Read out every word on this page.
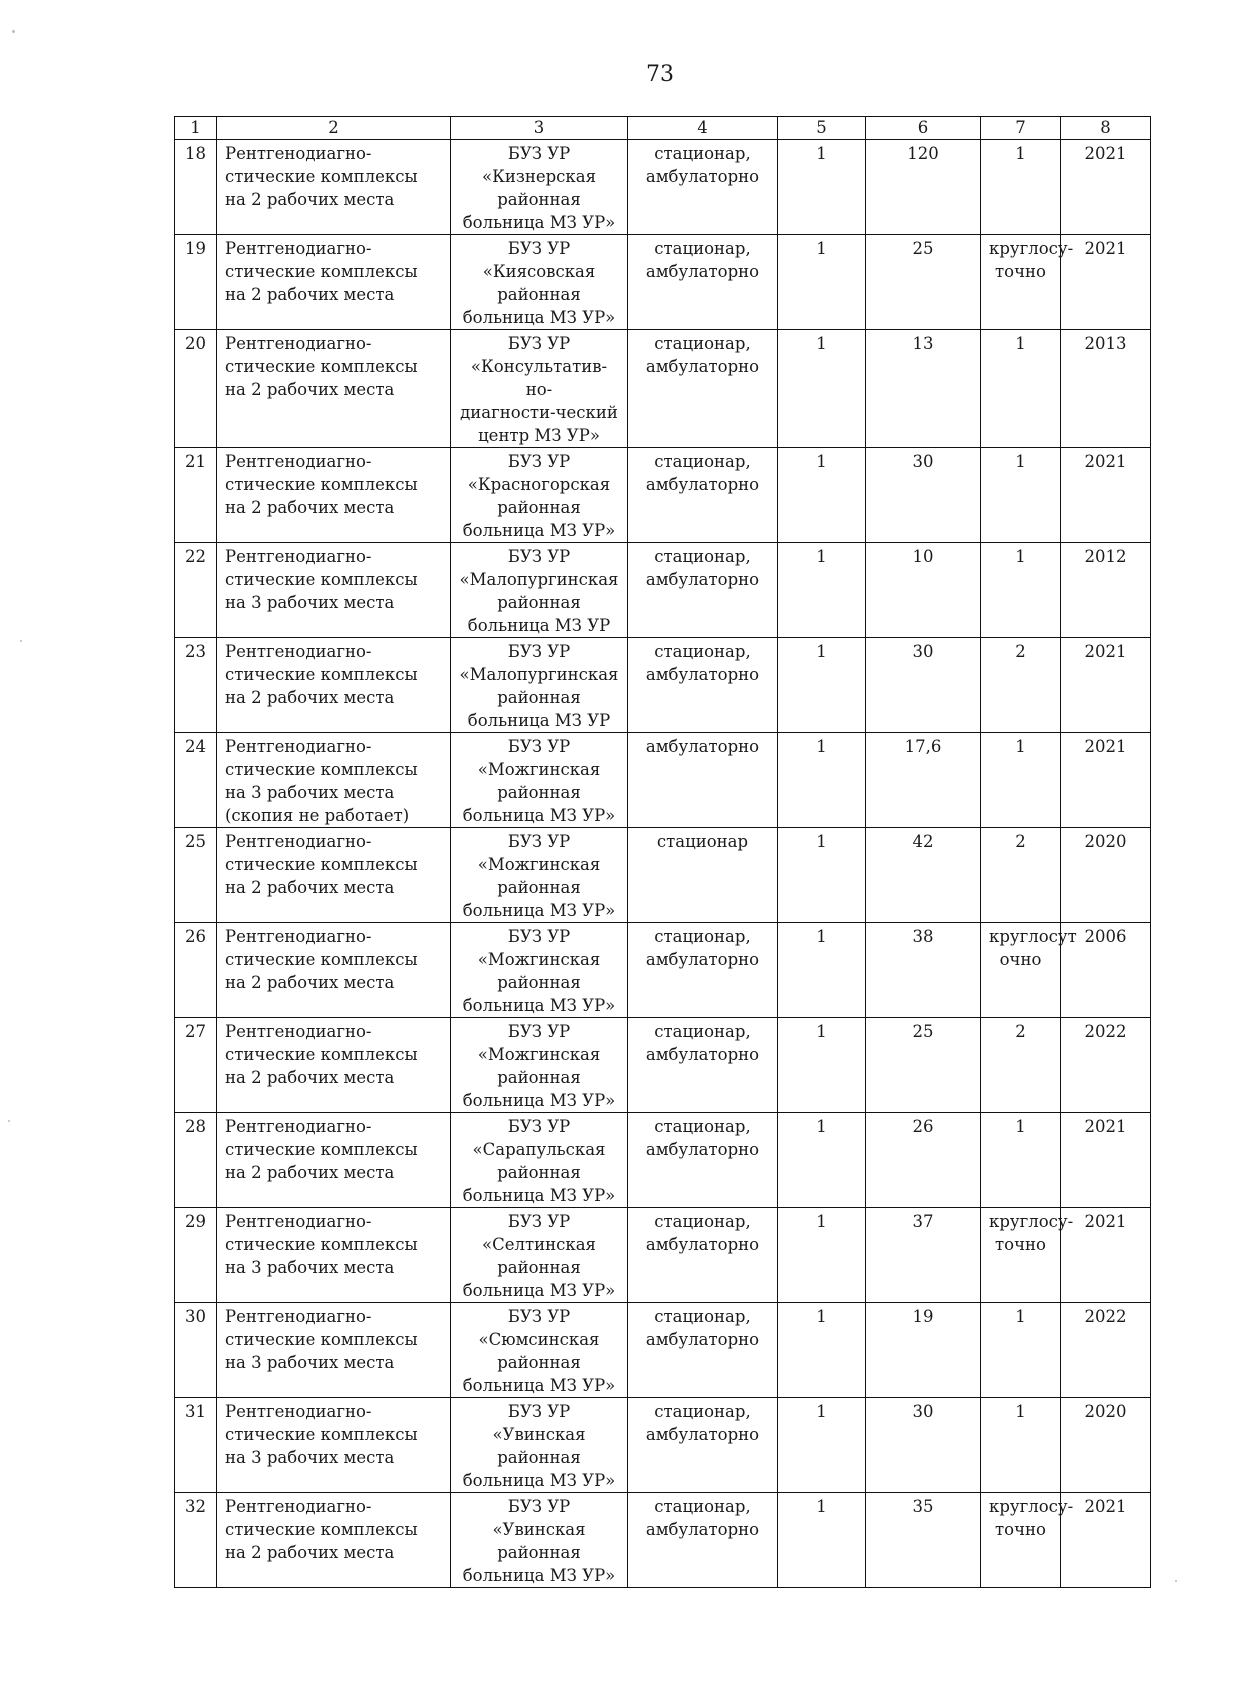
73
1	2	3	4	5	6	7	8
18	Рентгенодиагно-
стические комплексы
на 2 рабочих места	БУЗ УР
«Кизнерская
районная
больница МЗ УР»	стационар,
амбулаторно	1	120	1	2021
19	Рентгенодиагно-
стические комплексы
на 2 рабочих места	БУЗ УР
«Киясовская
районная
больница МЗ УР»	стационар,
амбулаторно	1	25	круглосу-
точно	2021
20	Рентгенодиагно-
стические комплексы
на 2 рабочих места	БУЗ УР
«Консультатив-но-
диагности-ческий
центр МЗ УР»	стационар,
амбулаторно	1	13	1	2013
21	Рентгенодиагно-
стические комплексы
на 2 рабочих места	БУЗ УР
«Красногорская
районная
больница МЗ УР»	стационар,
амбулаторно	1	30	1	2021
22	Рентгенодиагно-
стические комплексы
на 3 рабочих места	БУЗ УР
«Малопургинская
районная
больница МЗ УР	стационар,
амбулаторно	1	10	1	2012
23	Рентгенодиагно-
стические комплексы
на 2 рабочих места	БУЗ УР
«Малопургинская
районная
больница МЗ УР	стационар,
амбулаторно	1	30	2	2021
24	Рентгенодиагно-
стические комплексы
на 3 рабочих места
(скопия не работает)	БУЗ УР
«Можгинская
районная
больница МЗ УР»	амбулаторно	1	17,6	1	2021
25	Рентгенодиагно-
стические комплексы
на 2 рабочих места	БУЗ УР
«Можгинская
районная
больница МЗ УР»	стационар	1	42	2	2020
26	Рентгенодиагно-
стические комплексы
на 2 рабочих места	БУЗ УР
«Можгинская
районная
больница МЗ УР»	стационар,
амбулаторно	1	38	круглосут
очно	2006
27	Рентгенодиагно-
стические комплексы
на 2 рабочих места	БУЗ УР
«Можгинская
районная
больница МЗ УР»	стационар,
амбулаторно	1	25	2	2022
28	Рентгенодиагно-
стические комплексы
на 2 рабочих места	БУЗ УР
«Сарапульская
районная
больница МЗ УР»	стационар,
амбулаторно	1	26	1	2021
29	Рентгенодиагно-
стические комплексы
на 3 рабочих места	БУЗ УР
«Селтинская
районная
больница МЗ УР»	стационар,
амбулаторно	1	37	круглосу-
точно	2021
30	Рентгенодиагно-
стические комплексы
на 3 рабочих места	БУЗ УР
«Сюмсинская
районная
больница МЗ УР»	стационар,
амбулаторно	1	19	1	2022
31	Рентгенодиагно-
стические комплексы
на 3 рабочих места	БУЗ УР
«Увинская
районная
больница МЗ УР»	стационар,
амбулаторно	1	30	1	2020
32	Рентгенодиагно-
стические комплексы
на 2 рабочих места	БУЗ УР
«Увинская
районная
больница МЗ УР»	стационар,
амбулаторно	1	35	круглосу-
точно	2021
